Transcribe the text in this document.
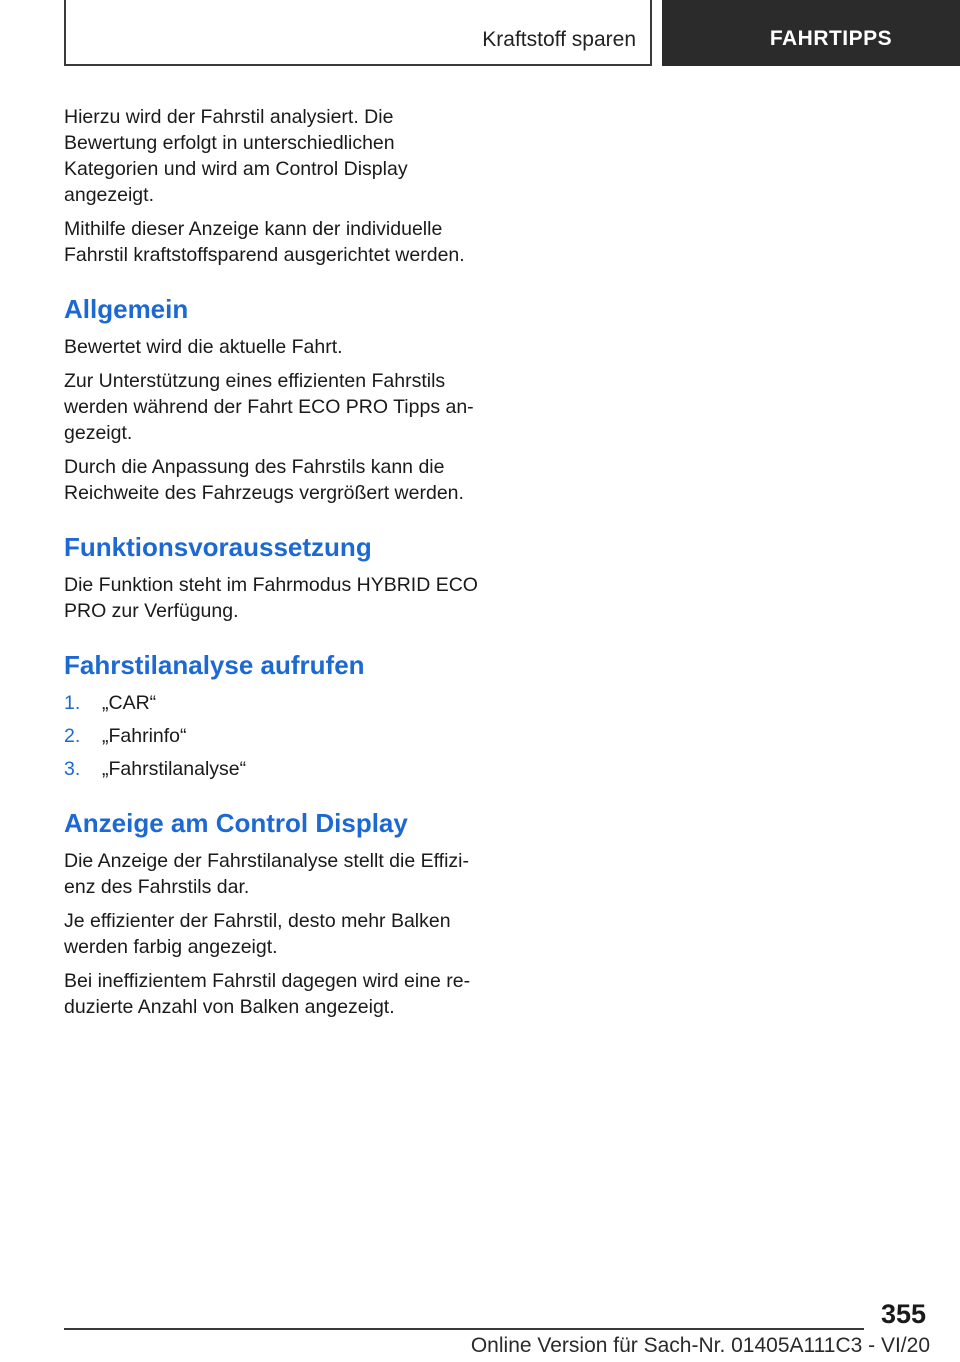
Kraftstoff sparen	FAHRTIPPS

Hierzu wird der Fahrstil analysiert. Die Bewertung erfolgt in unterschiedlichen Kategorien und wird am Control Display angezeigt.

Mithilfe dieser Anzeige kann der individuelle Fahrstil kraftstoffsparend ausgerichtet werden.

Allgemein

Bewertet wird die aktuelle Fahrt.

Zur Unterstützung eines effizienten Fahrstils werden während der Fahrt ECO PRO Tipps an-gezeigt.

Durch die Anpassung des Fahrstils kann die Reichweite des Fahrzeugs vergrößert werden.

Funktionsvoraussetzung

Die Funktion steht im Fahrmodus HYBRID ECO PRO zur Verfügung.

Fahrstilanalyse aufrufen
1. „CAR“
2. „Fahrinfo“
3. „Fahrstilanalyse“
Anzeige am Control Display

Die Anzeige der Fahrstilanalyse stellt die Effizi-enz des Fahrstils dar.

Je effizienter der Fahrstil, desto mehr Balken werden farbig angezeigt.

Bei ineffizientem Fahrstil dagegen wird eine re-duzierte Anzahl von Balken angezeigt.

355
Online Version für Sach-Nr. 01405A111C3 - VI/20
